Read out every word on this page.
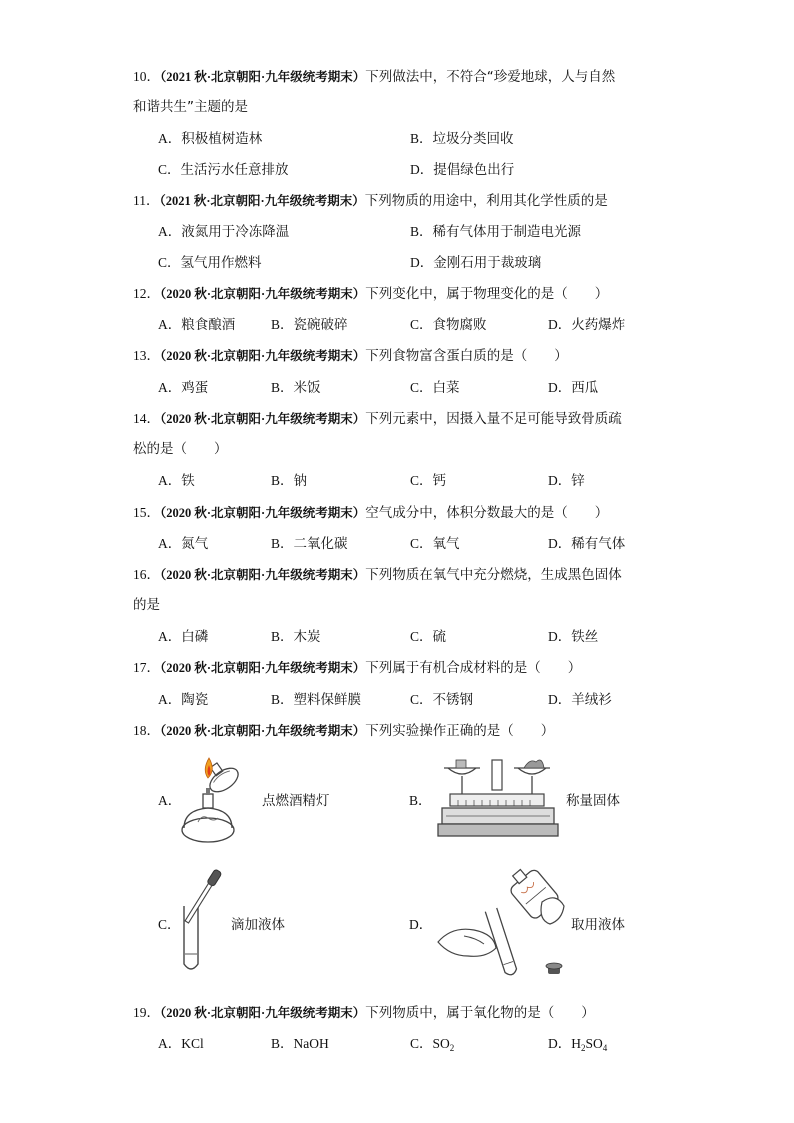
10．（2021 秋·北京朝阳·九年级统考期末）下列做法中，不符合“珍爱地球，人与自然
和谐共生”主题的是
A．积极植树造林	B．垃圾分类回收
C．生活污水任意排放	D．提倡绿色出行
11．（2021 秋·北京朝阳·九年级统考期末）下列物质的用途中，利用其化学性质的是
A．液氮用于冷冻降温	B．稀有气体用于制造电光源
C．氢气用作燃料	D．金刚石用于裁玻璃
12．（2020 秋·北京朝阳·九年级统考期末）下列变化中，属于物理变化的是（　　）
A．粮食酿酒	B．瓷碗破碎	C．食物腐败	D．火药爆炸
13．（2020 秋·北京朝阳·九年级统考期末）下列食物富含蛋白质的是（　　）
A．鸡蛋	B．米饭	C．白菜	D．西瓜
14．（2020 秋·北京朝阳·九年级统考期末）下列元素中，因摄入量不足可能导致骨质疏
松的是（　　）
A．铁	B．钠	C．钙	D．锌
15．（2020 秋·北京朝阳·九年级统考期末）空气成分中，体积分数最大的是（　　）
A．氮气	B．二氧化碳	C．氧气	D．稀有气体
16．（2020 秋·北京朝阳·九年级统考期末）下列物质在氧气中充分燃烧，生成黑色固体
的是
A．白磷	B．木炭	C．硫	D．铁丝
17．（2020 秋·北京朝阳·九年级统考期末）下列属于有机合成材料的是（　　）
A．陶瓷	B．塑料保鲜膜	C．不锈钢	D．羊绒衫
18．（2020 秋·北京朝阳·九年级统考期末）下列实验操作正确的是（　　）
A．	点燃酒精灯	B．	称量固体
C．	滴加液体	D．	取用液体
19．（2020 秋·北京朝阳·九年级统考期末）下列物质中，属于氧化物的是（　　）
A．KCl	B．NaOH	C．$SO_2$	D．$H_2SO_4$
